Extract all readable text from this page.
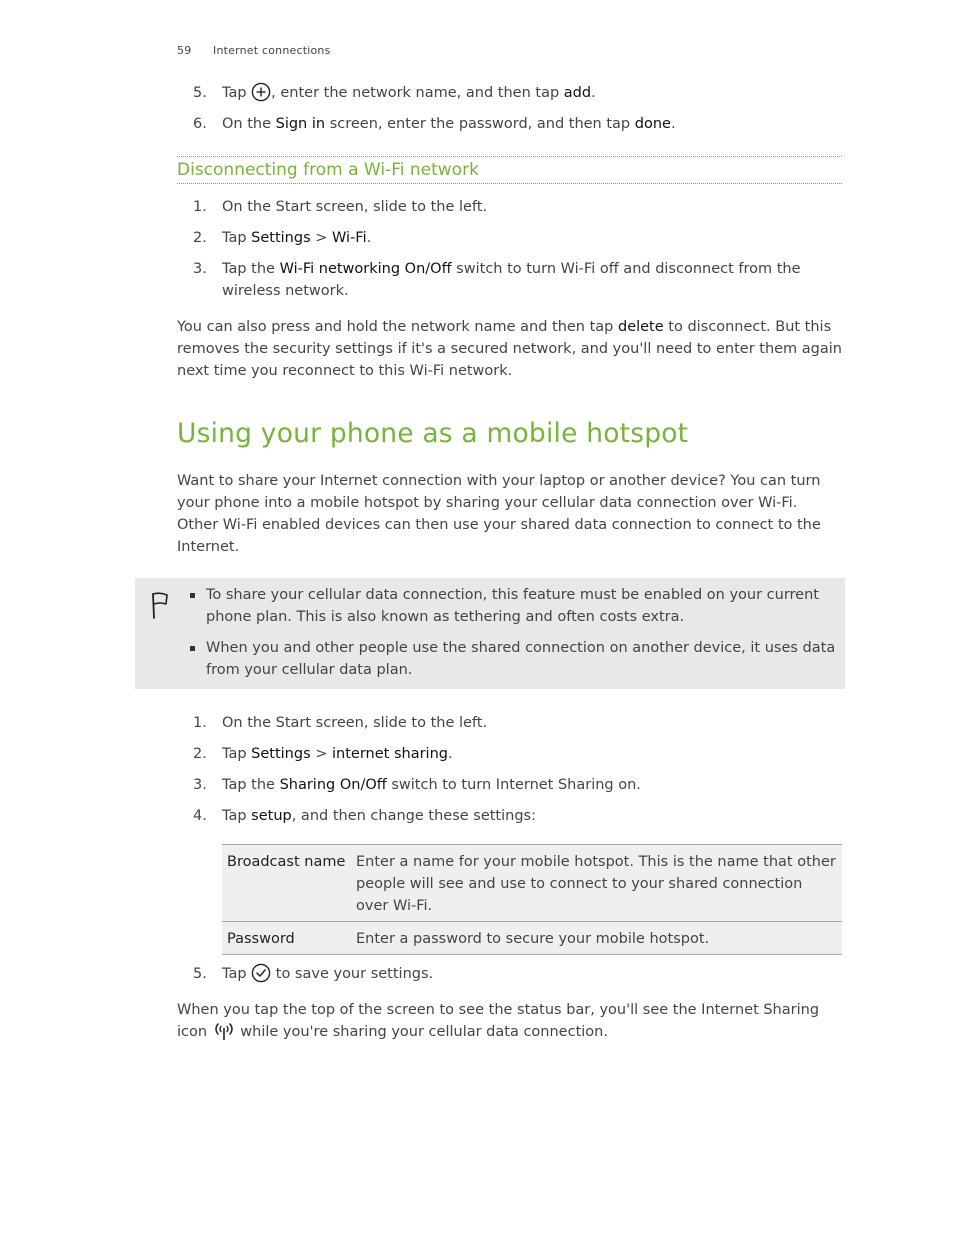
59 Internet connections
5.	Tap , enter the network name, and then tap add.
6.	On the Sign in screen, enter the password, and then tap done.
Disconnecting from a Wi-Fi network
1.	On the Start screen, slide to the left.
2.	Tap Settings > Wi-Fi.
3.	Tap the Wi-Fi networking On/Off switch to turn Wi-Fi off and disconnect from the wireless network.
You can also press and hold the network name and then tap delete to disconnect. But this removes the security settings if it's a secured network, and you'll need to enter them again next time you reconnect to this Wi-Fi network.
Using your phone as a mobile hotspot
Want to share your Internet connection with your laptop or another device? You can turn your phone into a mobile hotspot by sharing your cellular data connection over Wi-Fi. Other Wi-Fi enabled devices can then use your shared data connection to connect to the Internet.
To share your cellular data connection, this feature must be enabled on your current phone plan. This is also known as tethering and often costs extra.
When you and other people use the shared connection on another device, it uses data from your cellular data plan.
1.	On the Start screen, slide to the left.
2.	Tap Settings > internet sharing.
3.	Tap the Sharing On/Off switch to turn Internet Sharing on.
4.	Tap setup, and then change these settings:
Broadcast name	Enter a name for your mobile hotspot. This is the name that other people will see and use to connect to your shared connection over Wi-Fi.
Password	Enter a password to secure your mobile hotspot.
5.	Tap  to save your settings.
When you tap the top of the screen to see the status bar, you'll see the Internet Sharing icon  while you're sharing your cellular data connection.
